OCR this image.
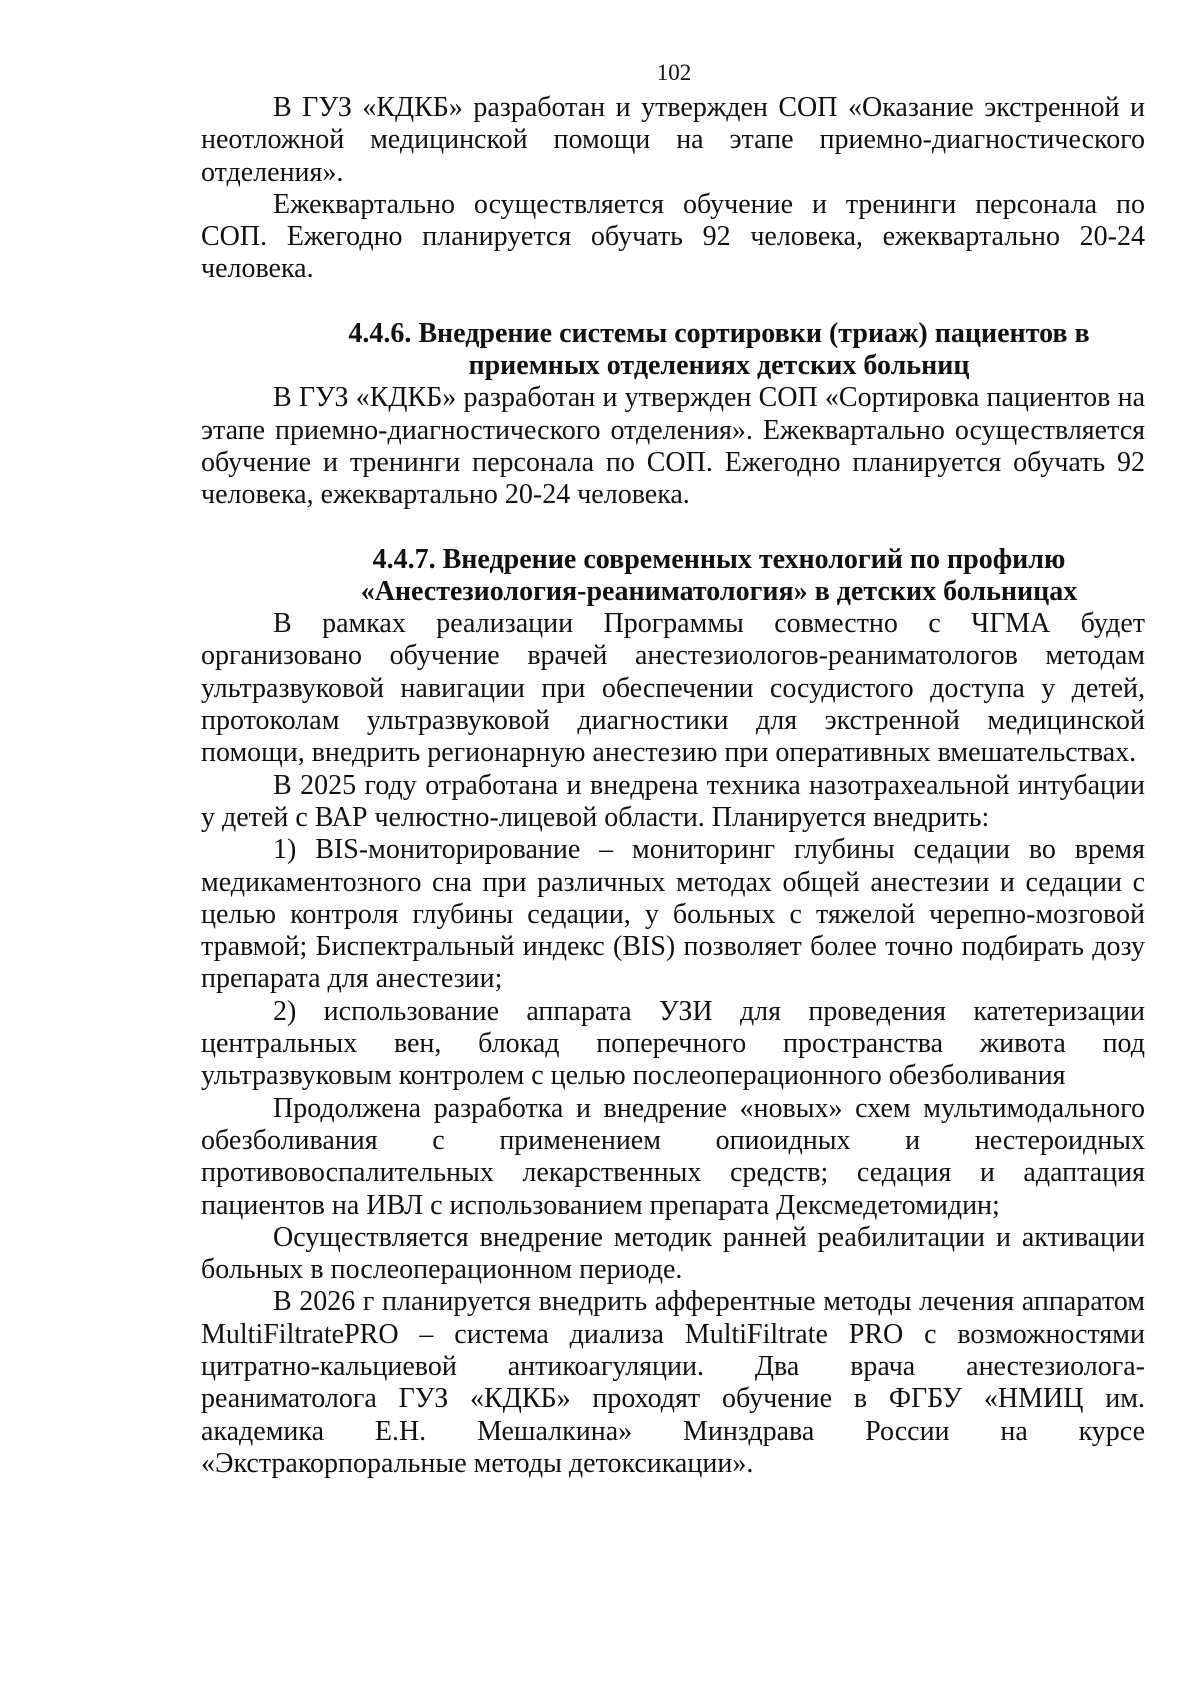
102

В ГУЗ «КДКБ» разработан и утвержден СОП «Оказание экстренной и неотложной медицинской помощи на этапе приемно-диагностического отделения».

Ежеквартально осуществляется обучение и тренинги персонала по СОП. Ежегодно планируется обучать 92 человека, ежеквартально 20-24 человека.

4.4.6. Внедрение системы сортировки (триаж) пациентов в приемных отделениях детских больниц

В ГУЗ «КДКБ» разработан и утвержден СОП «Сортировка пациентов на этапе приемно-диагностического отделения». Ежеквартально осуществляется обучение и тренинги персонала по СОП. Ежегодно планируется обучать 92 человека, ежеквартально 20-24 человека.

4.4.7. Внедрение современных технологий по профилю «Анестезиология-реаниматология» в детских больницах

В рамках реализации Программы совместно с ЧГМА будет организовано обучение врачей анестезиологов-реаниматологов методам ультразвуковой навигации при обеспечении сосудистого доступа у детей, протоколам ультразвуковой диагностики для экстренной медицинской помощи, внедрить регионарную анестезию при оперативных вмешательствах.

В 2025 году отработана и внедрена техника назотрахеальной интубации у детей с ВАР челюстно-лицевой области. Планируется внедрить:

1) BIS-мониторирование – мониторинг глубины седации во время медикаментозного сна при различных методах общей анестезии и седации с целью контроля глубины седации, у больных с тяжелой черепно-мозговой травмой; Биспектральный индекс (BIS) позволяет более точно подбирать дозу препарата для анестезии;

2) использование аппарата УЗИ для проведения катетеризации центральных вен, блокад поперечного пространства живота под ультразвуковым контролем с целью послеоперационного обезболивания

Продолжена разработка и внедрение «новых» схем мультимодального обезболивания с применением опиоидных и нестероидных противовоспалительных лекарственных средств; седация и адаптация пациентов на ИВЛ с использованием препарата Дексмедетомидин;

Осуществляется внедрение методик ранней реабилитации и активации больных в послеоперационном периоде.

В 2026 г планируется внедрить афферентные методы лечения аппаратом MultiFiltratePRO – система диализа MultiFiltrate PRO с возможностями цитратно-кальциевой антикоагуляции. Два врача анестезиолога-реаниматолога ГУЗ «КДКБ» проходят обучение в ФГБУ «НМИЦ им. академика Е.Н. Мешалкина» Минздрава России на курсе «Экстракорпоральные методы детоксикации».
